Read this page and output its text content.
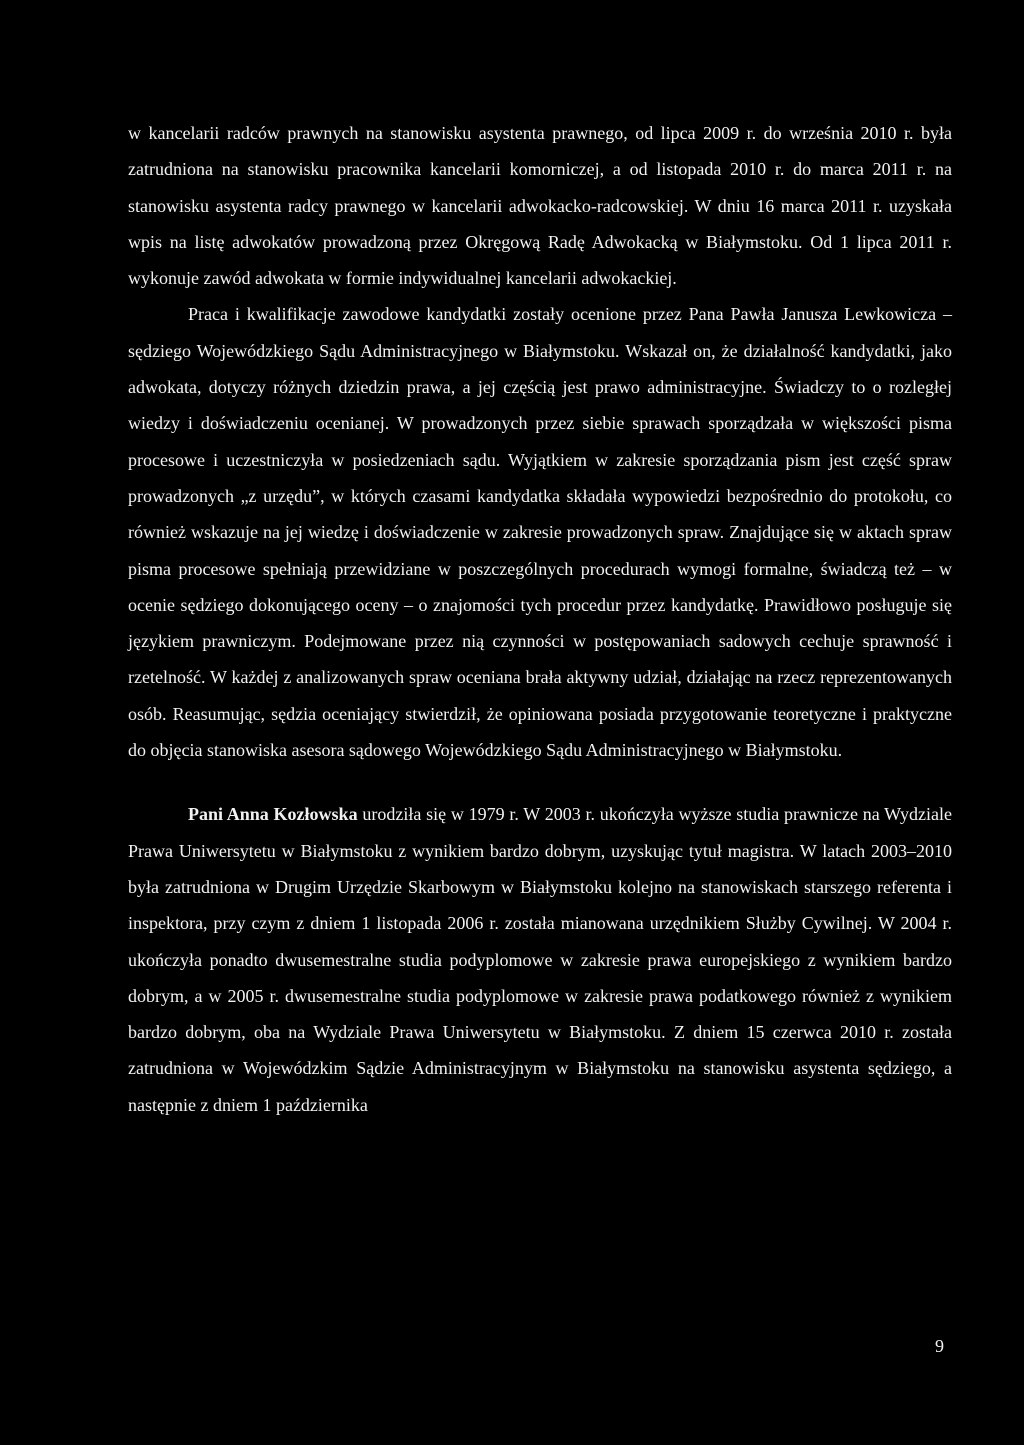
w kancelarii radców prawnych na stanowisku asystenta prawnego, od lipca 2009 r. do września 2010 r. była zatrudniona na stanowisku pracownika kancelarii komorniczej, a od listopada 2010 r. do marca 2011 r. na stanowisku asystenta radcy prawnego w kancelarii adwokacko-radcowskiej. W dniu 16 marca 2011 r. uzyskała wpis na listę adwokatów prowadzoną przez Okręgową Radę Adwokacką w Białymstoku. Od 1 lipca 2011 r. wykonuje zawód adwokata w formie indywidualnej kancelarii adwokackiej.

Praca i kwalifikacje zawodowe kandydatki zostały ocenione przez Pana Pawła Janusza Lewkowicza – sędziego Wojewódzkiego Sądu Administracyjnego w Białymstoku. Wskazał on, że działalność kandydatki, jako adwokata, dotyczy różnych dziedzin prawa, a jej częścią jest prawo administracyjne. Świadczy to o rozległej wiedzy i doświadczeniu ocenianej. W prowadzonych przez siebie sprawach sporządzała w większości pisma procesowe i uczestniczyła w posiedzeniach sądu. Wyjątkiem w zakresie sporządzania pism jest część spraw prowadzonych „z urzędu”, w których czasami kandydatka składała wypowiedzi bezpośrednio do protokołu, co również wskazuje na jej wiedzę i doświadczenie w zakresie prowadzonych spraw. Znajdujące się w aktach spraw pisma procesowe spełniają przewidziane w poszczególnych procedurach wymogi formalne, świadczą też – w ocenie sędziego dokonującego oceny – o znajomości tych procedur przez kandydatkę. Prawidłowo posługuje się językiem prawniczym. Podejmowane przez nią czynności w postępowaniach sadowych cechuje sprawność i rzetelność. W każdej z analizowanych spraw oceniana brała aktywny udział, działając na rzecz reprezentowanych osób. Reasumując, sędzia oceniający stwierdził, że opiniowana posiada przygotowanie teoretyczne i praktyczne do objęcia stanowiska asesora sądowego Wojewódzkiego Sądu Administracyjnego w Białymstoku.

Pani Anna Kozłowska urodziła się w 1979 r. W 2003 r. ukończyła wyższe studia prawnicze na Wydziale Prawa Uniwersytetu w Białymstoku z wynikiem bardzo dobrym, uzyskując tytuł magistra. W latach 2003–2010 była zatrudniona w Drugim Urzędzie Skarbowym w Białymstoku kolejno na stanowiskach starszego referenta i inspektora, przy czym z dniem 1 listopada 2006 r. została mianowana urzędnikiem Służby Cywilnej. W 2004 r. ukończyła ponadto dwusemestralne studia podyplomowe w zakresie prawa europejskiego z wynikiem bardzo dobrym, a w 2005 r. dwusemestralne studia podyplomowe w zakresie prawa podatkowego również z wynikiem bardzo dobrym, oba na Wydziale Prawa Uniwersytetu w Białymstoku. Z dniem 15 czerwca 2010 r. została zatrudniona w Wojewódzkim Sądzie Administracyjnym w Białymstoku na stanowisku asystenta sędziego, a następnie z dniem 1 października

9
